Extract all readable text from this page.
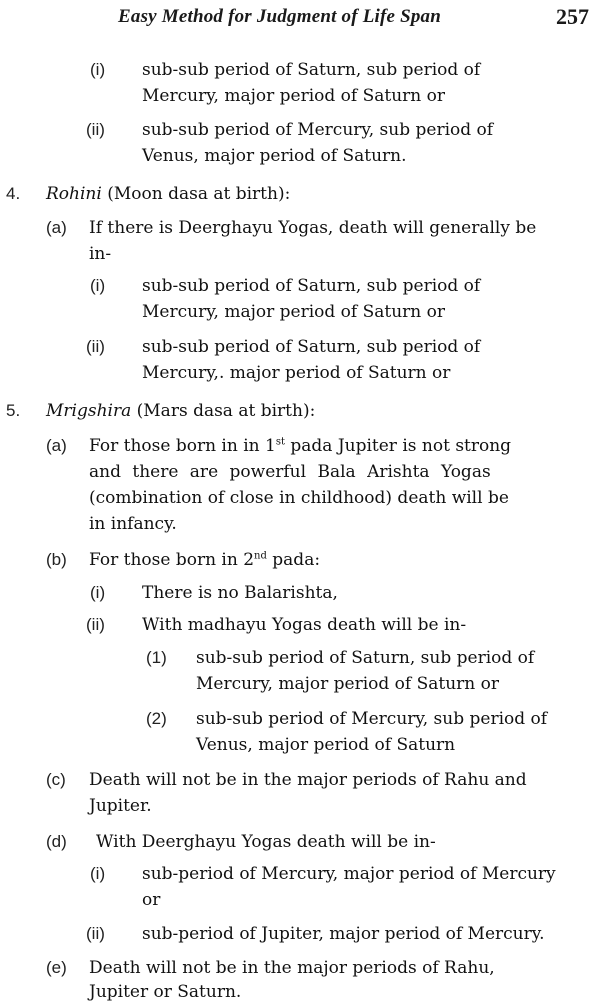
Easy Method for Judgment of Life Span	257
(i) sub-sub period of Saturn, sub period of
Mercury, major period of Saturn or
(ii) sub-sub period of Mercury, sub period of
Venus, major period of Saturn.
4. Rohini (Moon dasa at birth):
(a) If there is Deerghayu Yogas, death will generally be
in-
(i) sub-sub period of Saturn, sub period of
Mercury, major period of Saturn or
(ii) sub-sub period of Saturn, sub period of
Mercury,. major period of Saturn or
5. Mrigshira (Mars dasa at birth):
(a) For those born in in 1st pada Jupiter is not strong
and there are powerful Bala Arishta Yogas
(combination of close in childhood) death will be
in infancy.
(b) For those born in 2nd pada:
(i) There is no Balarishta,
(ii) With madhayu Yogas death will be in-
(1) sub-sub period of Saturn, sub period of
Mercury, major period of Saturn or
(2) sub-sub period of Mercury, sub period of
Venus, major period of Saturn
(c) Death will not be in the major periods of Rahu and
Jupiter.
(d) With Deerghayu Yogas death will be in-
(i) sub-period of Mercury, major period of Mercury
or
(ii) sub-period of Jupiter, major period of Mercury.
(e) Death will not be in the major periods of Rahu,
Jupiter or Saturn.
